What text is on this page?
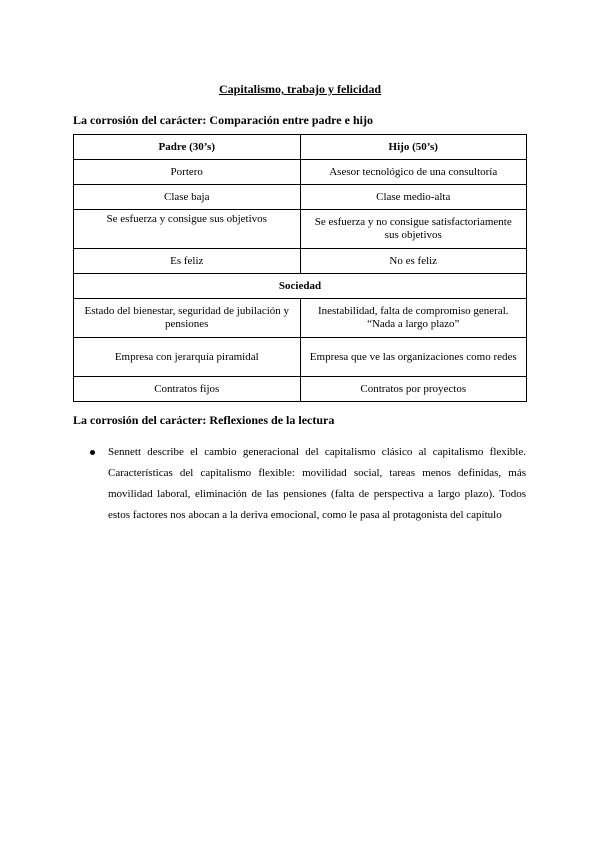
Capitalismo, trabajo y felicidad
La corrosión del carácter: Comparación entre padre e hijo
Padre (30’s)	Hijo (50’s)
Portero	Asesor tecnológico de una consultoría
Clase baja	Clase medio-alta
Se esfuerza y consigue sus objetivos	Se esfuerza y no consigue satisfactoriamente sus objetivos
Es feliz	No es feliz
Sociedad	
Estado del bienestar, seguridad de jubilación y pensiones	Inestabilidad, falta de compromiso general. “Nada a largo plazo”
Empresa con jerarquía piramidal	Empresa que ve las organizaciones como redes
Contratos fijos	Contratos por proyectos
La corrosión del carácter: Reflexiones de la lectura
Sennett describe el cambio generacional del capitalismo clásico al capitalismo flexible. Características del capitalismo flexible: movilidad social, tareas menos definidas, más movilidad laboral, eliminación de las pensiones (falta de perspectiva a largo plazo). Todos estos factores nos abocan a la deriva emocional, como le pasa al protagonista del capítulo
